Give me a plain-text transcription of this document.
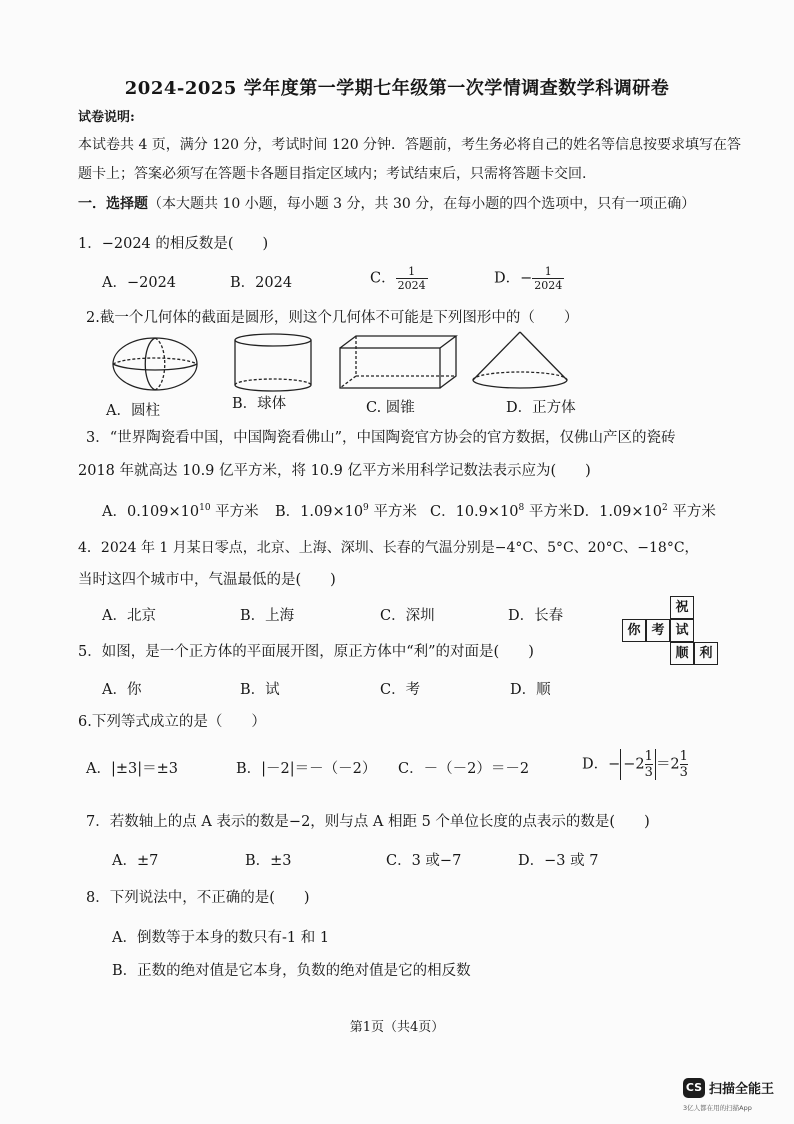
2024-2025 学年度第一学期七年级第一次学情调查数学科调研卷
试卷说明:
本试卷共 4 页，满分 120 分，考试时间 120 分钟．答题前，考生务必将自己的姓名等信息按要求填写在答
题卡上；答案必须写在答题卡各题目指定区域内；考试结束后，只需将答题卡交回.
一．选择题（本大题共 10 小题，每小题 3 分，共 30 分，在每小题的四个选项中，只有一项正确）
1．−2024 的相反数是(　　)
A．−2024	B．2024	C． $\frac{1}{2024}$	D．− $\frac{1}{2024}$
2.截一个几何体的截面是圆形，则这个几何体不可能是下列图形中的（　　）
A．圆柱	B．球体	C. 圆锥	D．正方体
3．“世界陶瓷看中国，中国陶瓷看佛山”，中国陶瓷官方协会的官方数据，仅佛山产区的瓷砖
2018 年就高达 10.9 亿平方米，将 10.9 亿平方米用科学记数法表示应为(　　)
A．$0.109\times 10^{10}$ 平方米 B．$1.09\times 10^9$ 平方米 C．$10.9\times 10^8$ 平方米 D．$1.09\times 10^2$ 平方米
4．2024 年 1 月某日零点，北京、上海、深圳、长春的气温分别是−4°C、5°C、20°C、−18°C，
当时这四个城市中，气温最低的是(　　)
A．北京	B．上海	C．深圳	D．长春
祝
你 考 试
顺 利
5．如图，是一个正方体的平面展开图，原正方体中“利”的对面是(　　)
A．你	B．试	C．考	D．顺
6.下列等式成立的是（　　）
A．|±3|＝±3	B．|－2|＝－（－2） C．－（－2）＝－2	D．− $-2 \frac{1}{3} =2 \frac{1}{3}$
7．若数轴上的点 A 表示的数是−2，则与点 A 相距 5 个单位长度的点表示的数是(　　)
A．±7	B．±3	C．3 或−7	D．−3 或 7
8．下列说法中，不正确的是(　　)
A．倒数等于本身的数只有-1 和 1
B．正数的绝对值是它本身，负数的绝对值是它的相反数
第1页（共4页）
CS 扫描全能王
3亿人都在用的扫描App
